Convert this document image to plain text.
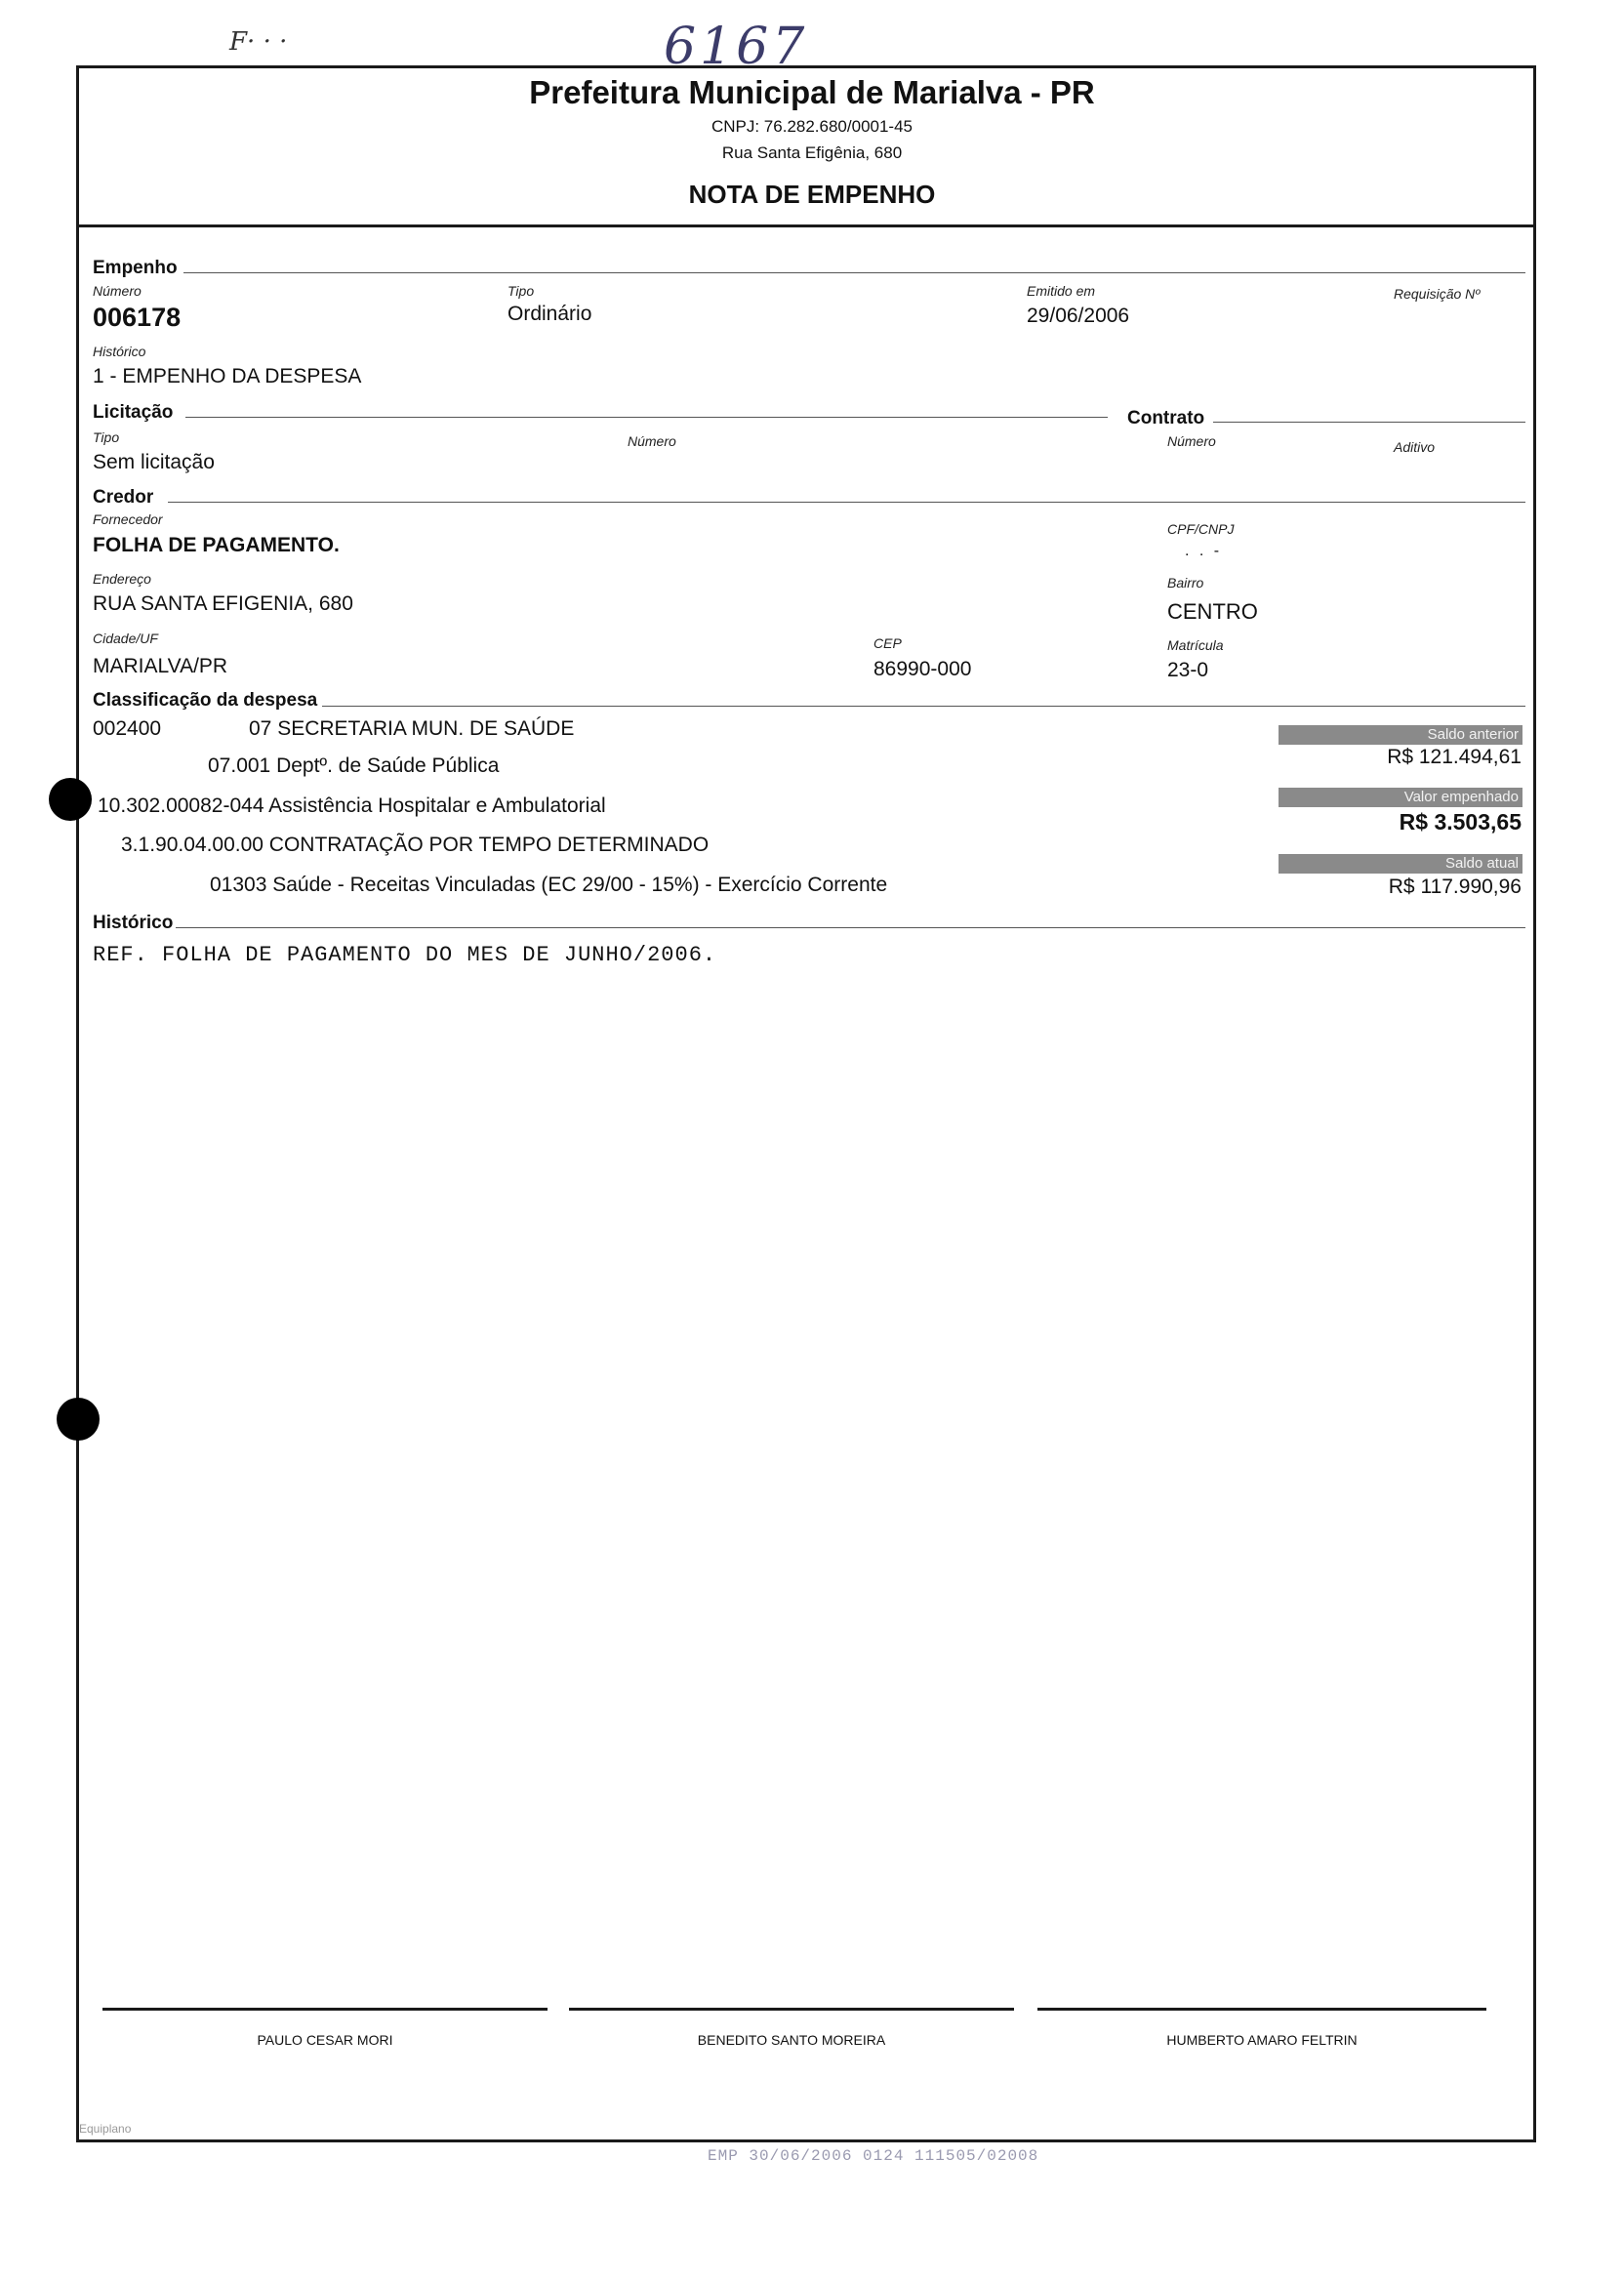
F· · ·	6167
Prefeitura Municipal de Marialva - PR
CNPJ: 76.282.680/0001-45
Rua Santa Efigênia, 680
NOTA DE EMPENHO
Empenho
Número
006178
Tipo
Ordinário
Emitido em
29/06/2006
Requisição Nº
Histórico
1 - EMPENHO DA DESPESA
Licitação	Contrato
Tipo
Sem licitação
Número	Número	Aditivo
Credor
Fornecedor
FOLHA DE PAGAMENTO.
CPF/CNPJ
. . -
Endereço
RUA SANTA EFIGENIA, 680
Bairro
CENTRO
Cidade/UF
MARIALVA/PR
CEP
86990-000
Matrícula
23-0
Classificação da despesa
002400	07 SECRETARIA MUN. DE SAÚDE
07.001 Deptº. de Saúde Pública
10.302.00082-044 Assistência Hospitalar e Ambulatorial
3.1.90.04.00.00 CONTRATAÇÃO POR TEMPO DETERMINADO
01303 Saúde - Receitas Vinculadas (EC 29/00 - 15%) - Exercício Corrente
Saldo anterior
R$ 121.494,61
Valor empenhado
R$ 3.503,65
Saldo atual
R$ 117.990,96
Histórico
REF. FOLHA DE PAGAMENTO DO MES DE JUNHO/2006.
PAULO CESAR MORI	BENEDITO SANTO MOREIRA	HUMBERTO AMARO FELTRIN
Equiplano
EMP 30/06/2006 0124 111505/02008
